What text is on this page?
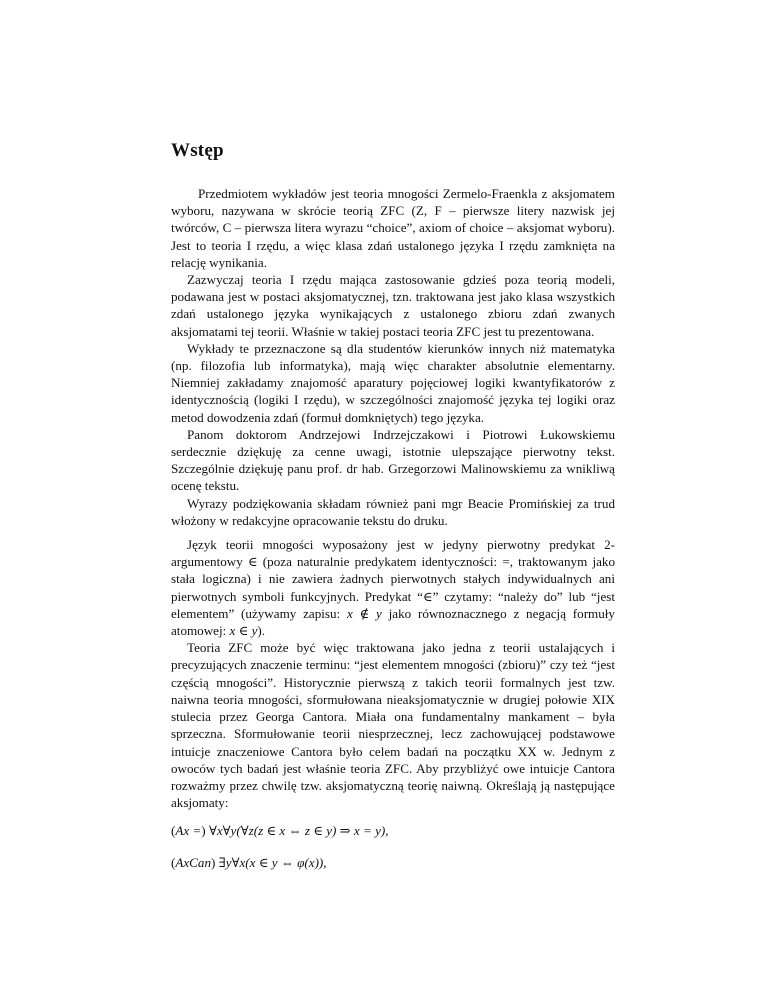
Wstęp

Przedmiotem wykładów jest teoria mnogości Zermelo-Fraenkla z aksjomatem wyboru, nazywana w skrócie teorią ZFC (Z, F – pierwsze litery nazwisk jej twórców, C – pierwsza litera wyrazu “choice”, axiom of choice – aksjomat wyboru). Jest to teoria I rzędu, a więc klasa zdań ustalonego języka I rzędu zamknięta na relację wynikania.

Zazwyczaj teoria I rzędu mająca zastosowanie gdzieś poza teorią modeli, podawana jest w postaci aksjomatycznej, tzn. traktowana jest jako klasa wszystkich zdań ustalonego języka wynikających z ustalonego zbioru zdań zwanych aksjomatami tej teorii. Właśnie w takiej postaci teoria ZFC jest tu prezentowana.

Wykłady te przeznaczone są dla studentów kierunków innych niż matematyka (np. filozofia lub informatyka), mają więc charakter absolutnie elementarny. Niemniej zakładamy znajomość aparatury pojęciowej logiki kwantyfikatorów z identycznością (logiki I rzędu), w szczególności znajomość języka tej logiki oraz metod dowodzenia zdań (formuł domkniętych) tego języka.

Panom doktorom Andrzejowi Indrzejczakowi i Piotrowi Łukowskiemu serdecznie dziękuję za cenne uwagi, istotnie ulepszające pierwotny tekst. Szczególnie dziękuję panu prof. dr hab. Grzegorzowi Malinowskiemu za wnikliwą ocenę tekstu.

Wyrazy podziękowania składam również pani mgr Beacie Promińskiej za trud włożony w redakcyjne opracowanie tekstu do druku.

Język teorii mnogości wyposażony jest w jedyny pierwotny predykat 2-argumentowy ∈ (poza naturalnie predykatem identyczności: =, traktowanym jako stała logiczna) i nie zawiera żadnych pierwotnych stałych indywidualnych ani pierwotnych symboli funkcyjnych. Predykat “∈” czytamy: “należy do” lub “jest elementem” (używamy zapisu: x ∉ y jako równoznacznego z negacją formuły atomowej: x ∈ y).

Teoria ZFC może być więc traktowana jako jedna z teorii ustalających i precyzujących znaczenie terminu: “jest elementem mnogości (zbioru)” czy też “jest częścią mnogości”. Historycznie pierwszą z takich teorii formalnych jest tzw. naiwna teoria mnogości, sformułowana nieaksjomatycznie w drugiej połowie XIX stulecia przez Georga Cantora. Miała ona fundamentalny mankament – była sprzeczna. Sformułowanie teorii niesprzecznej, lecz zachowującej podstawowe intuicje znaczeniowe Cantora było celem badań na początku XX w. Jednym z owoców tych badań jest właśnie teoria ZFC. Aby przybliżyć owe intuicje Cantora rozważmy przez chwilę tzw. aksjomatyczną teorię naiwną. Określają ją następujące aksjomaty:

(Ax =) ∀x∀y(∀z(z ∈ x ⇔ z ∈ y) ⇒ x = y),
(AxCan) ∃y∀x(x ∈ y ⇔ φ(x)),
